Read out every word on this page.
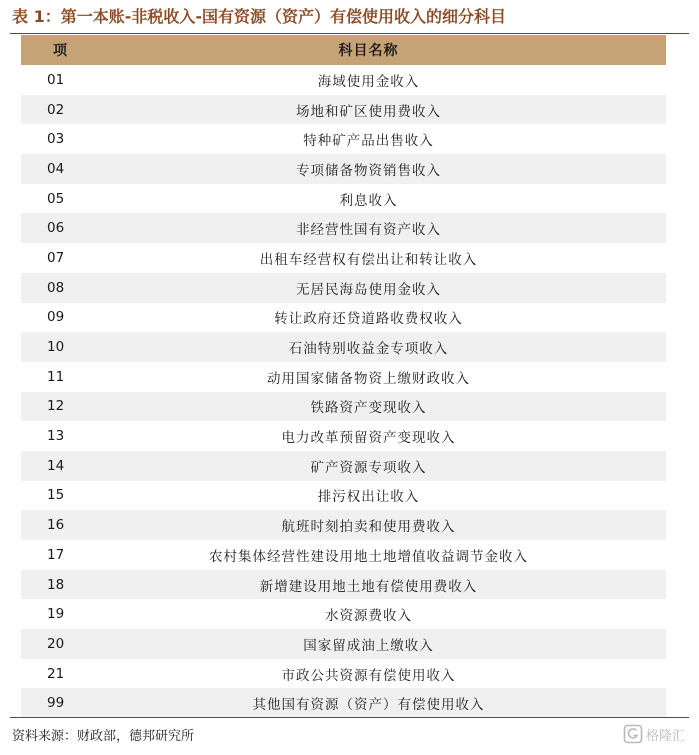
表 1：第一本账-非税收入-国有资源（资产）有偿使用收入的细分科目
项	科目名称
01	海域使用金收入
02	场地和矿区使用费收入
03	特种矿产品出售收入
04	专项储备物资销售收入
05	利息收入
06	非经营性国有资产收入
07	出租车经营权有偿出让和转让收入
08	无居民海岛使用金收入
09	转让政府还贷道路收费权收入
10	石油特别收益金专项收入
11	动用国家储备物资上缴财政收入
12	铁路资产变现收入
13	电力改革预留资产变现收入
14	矿产资源专项收入
15	排污权出让收入
16	航班时刻拍卖和使用费收入
17	农村集体经营性建设用地土地增值收益调节金收入
18	新增建设用地土地有偿使用费收入
19	水资源费收入
20	国家留成油上缴收入
21	市政公共资源有偿使用收入
99	其他国有资源（资产）有偿使用收入
资料来源：财政部，德邦研究所	格隆汇
